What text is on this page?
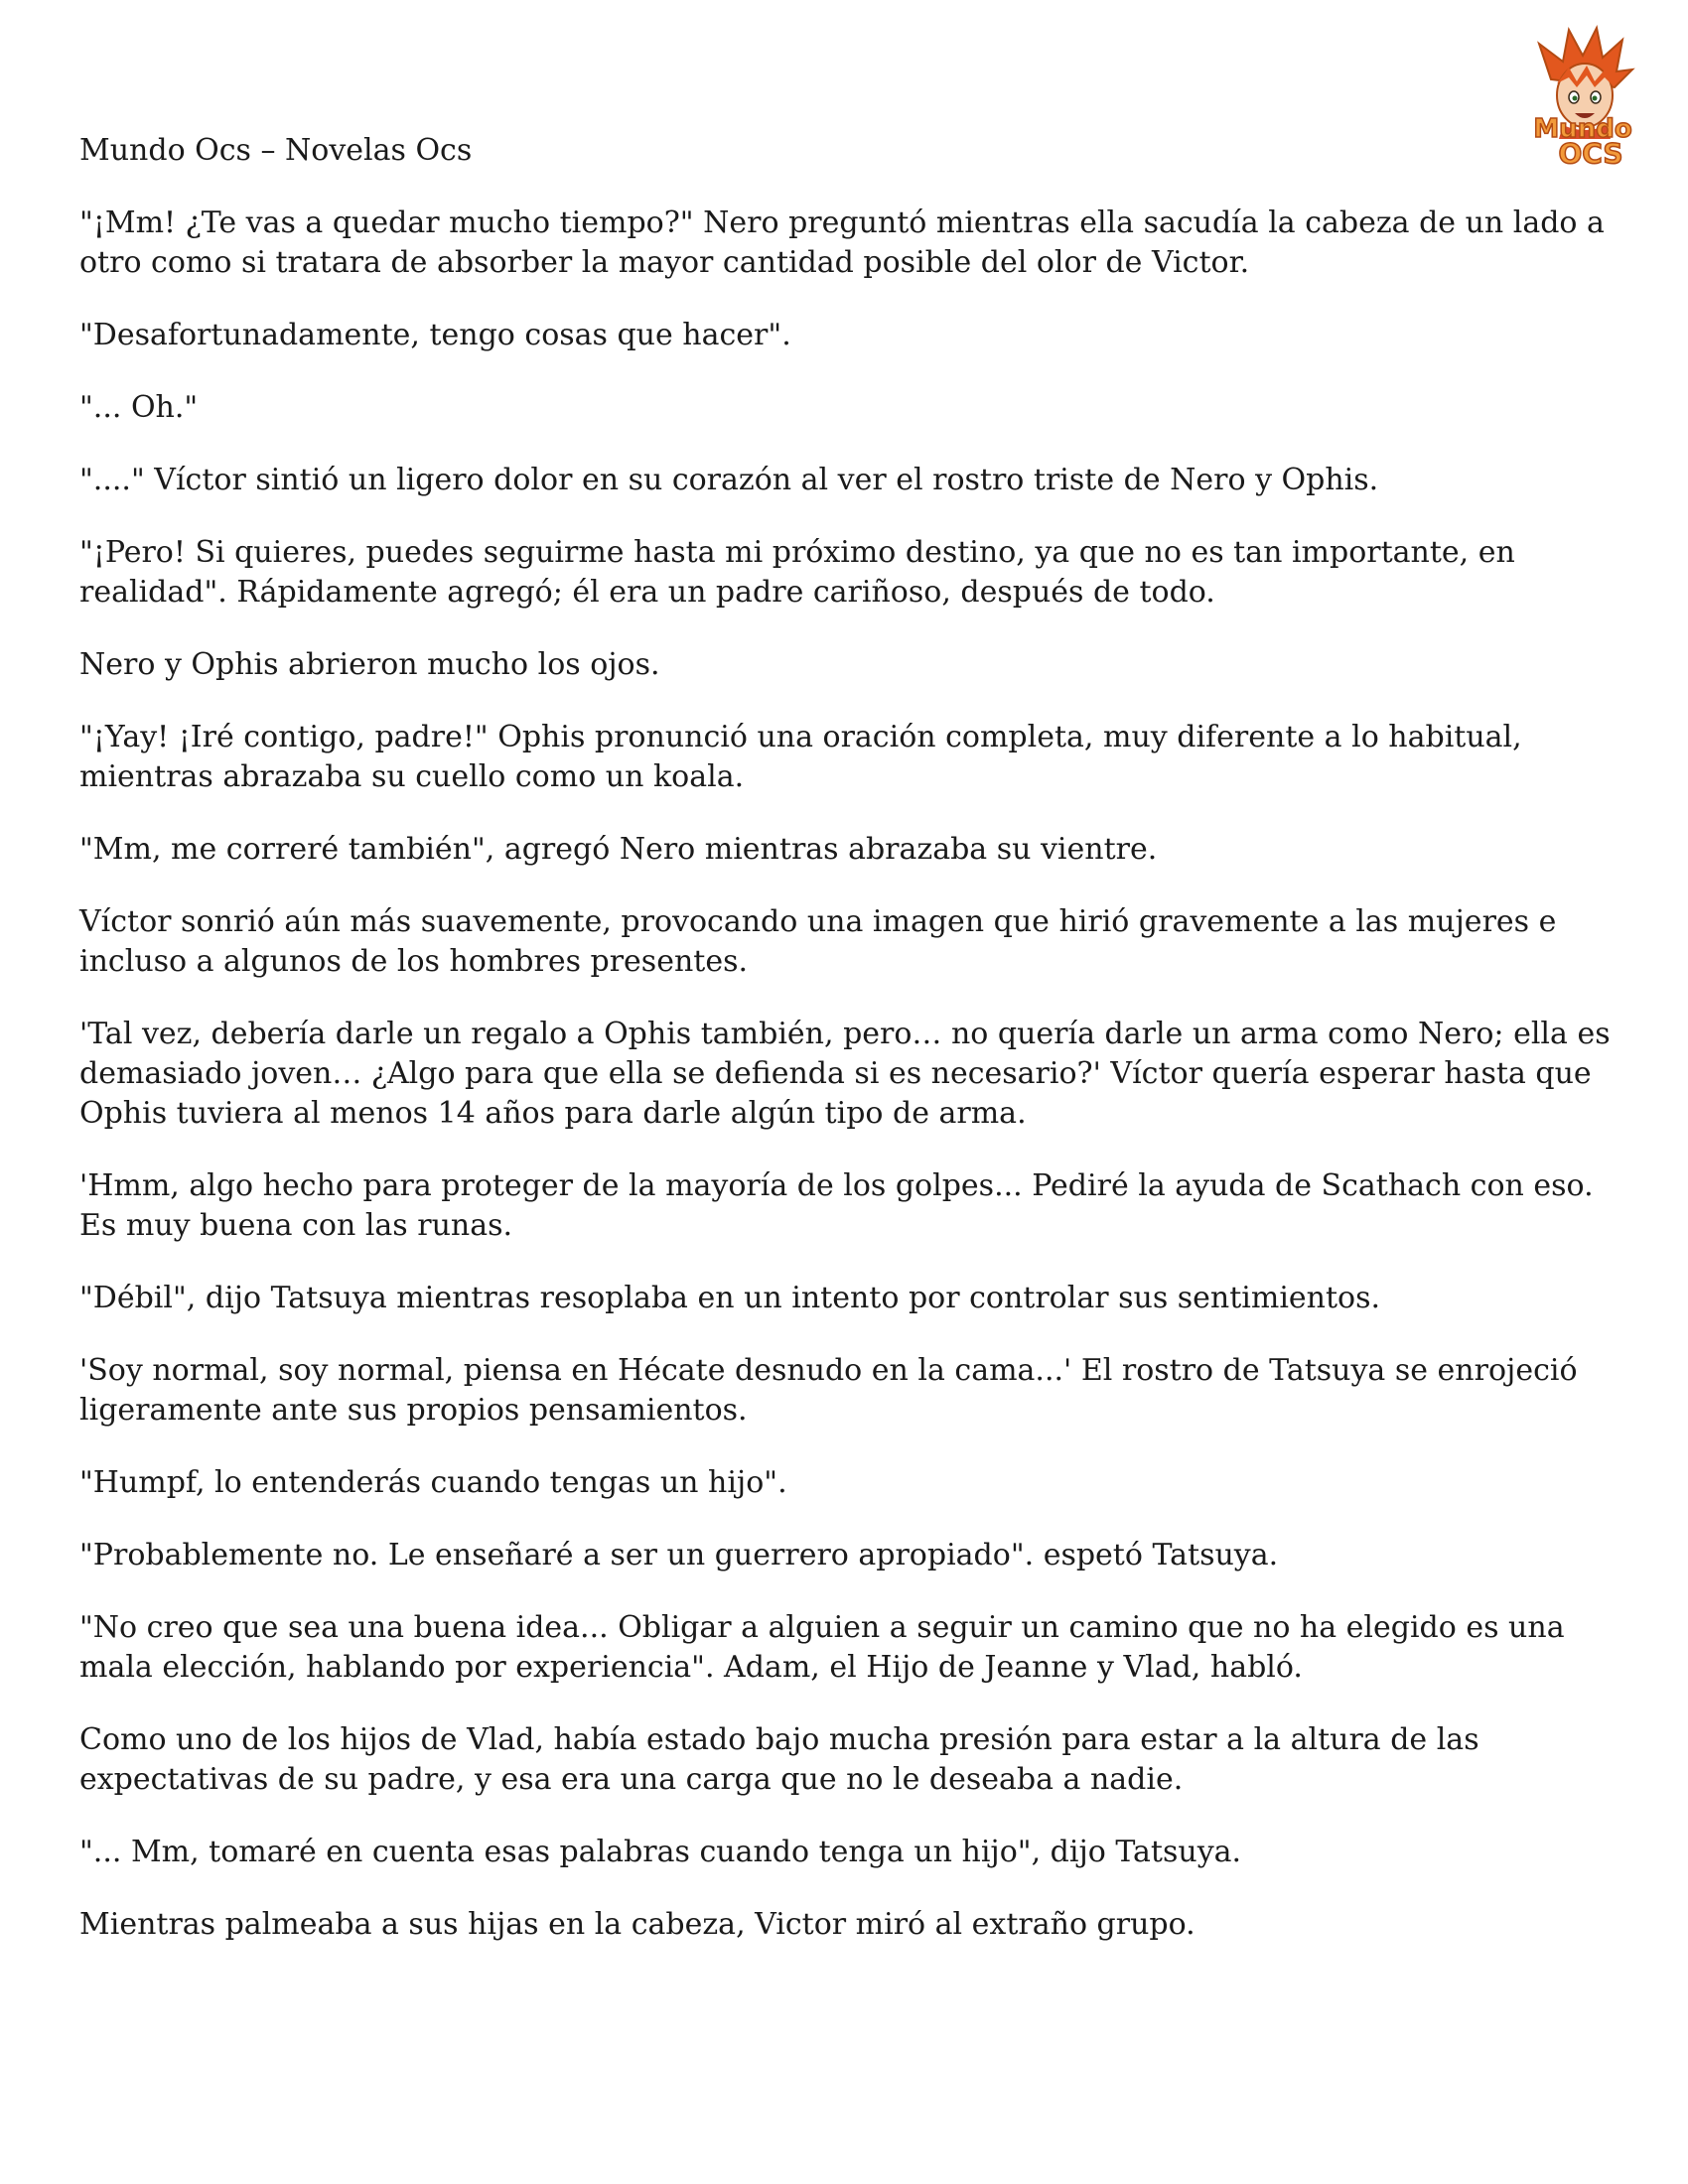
Mundo Ocs – Novelas Ocs
Mundo
OCS

"¡Mm! ¿Te vas a quedar mucho tiempo?" Nero preguntó mientras ella sacudía la cabeza de un lado a otro como si tratara de absorber la mayor cantidad posible del olor de Victor.

"Desafortunadamente, tengo cosas que hacer".

"... Oh."

"...." Víctor sintió un ligero dolor en su corazón al ver el rostro triste de Nero y Ophis.

"¡Pero! Si quieres, puedes seguirme hasta mi próximo destino, ya que no es tan importante, en realidad". Rápidamente agregó; él era un padre cariñoso, después de todo.

Nero y Ophis abrieron mucho los ojos.

"¡Yay! ¡Iré contigo, padre!" Ophis pronunció una oración completa, muy diferente a lo habitual, mientras abrazaba su cuello como un koala.

"Mm, me correré también", agregó Nero mientras abrazaba su vientre.

Víctor sonrió aún más suavemente, provocando una imagen que hirió gravemente a las mujeres e incluso a algunos de los hombres presentes.

'Tal vez, debería darle un regalo a Ophis también, pero… no quería darle un arma como Nero; ella es demasiado joven… ¿Algo para que ella se defienda si es necesario?' Víctor quería esperar hasta que Ophis tuviera al menos 14 años para darle algún tipo de arma.

'Hmm, algo hecho para proteger de la mayoría de los golpes... Pediré la ayuda de Scathach con eso. Es muy buena con las runas.

"Débil", dijo Tatsuya mientras resoplaba en un intento por controlar sus sentimientos.

'Soy normal, soy normal, piensa en Hécate desnudo en la cama...' El rostro de Tatsuya se enrojeció ligeramente ante sus propios pensamientos.

"Humpf, lo entenderás cuando tengas un hijo".

"Probablemente no. Le enseñaré a ser un guerrero apropiado". espetó Tatsuya.

"No creo que sea una buena idea... Obligar a alguien a seguir un camino que no ha elegido es una mala elección, hablando por experiencia". Adam, el Hijo de Jeanne y Vlad, habló.

Como uno de los hijos de Vlad, había estado bajo mucha presión para estar a la altura de las expectativas de su padre, y esa era una carga que no le deseaba a nadie.

"... Mm, tomaré en cuenta esas palabras cuando tenga un hijo", dijo Tatsuya.

Mientras palmeaba a sus hijas en la cabeza, Victor miró al extraño grupo.
